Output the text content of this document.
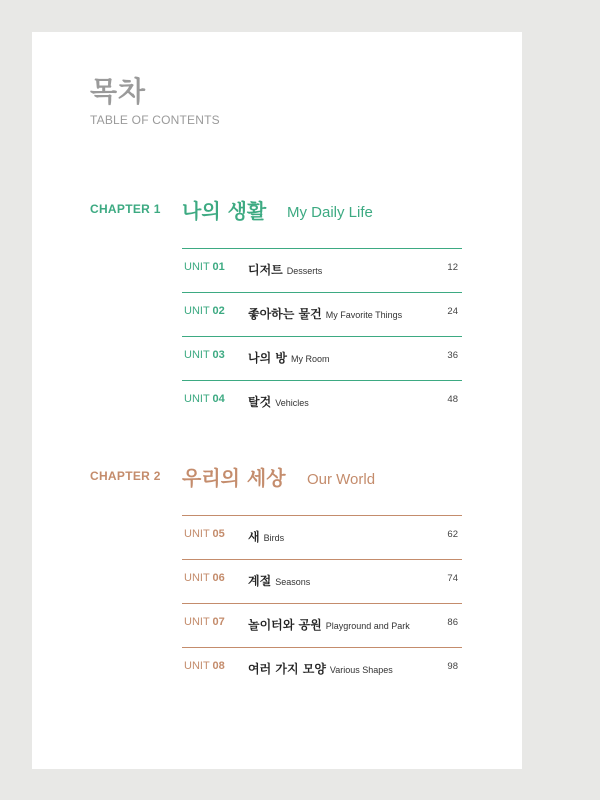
목차
TABLE OF CONTENTS
CHAPTER 1 나의 생활 My Daily Life
UNIT 01 디저트 Desserts	12
UNIT 02 좋아하는 물건 My Favorite Things	24
UNIT 03 나의 방 My Room	36
UNIT 04 탈것 Vehicles	48
CHAPTER 2 우리의 세상 Our World
UNIT 05 새 Birds	62
UNIT 06 계절 Seasons	74
UNIT 07 놀이터와 공원 Playground and Park	86
UNIT 08 여러 가지 모양 Various Shapes	98
